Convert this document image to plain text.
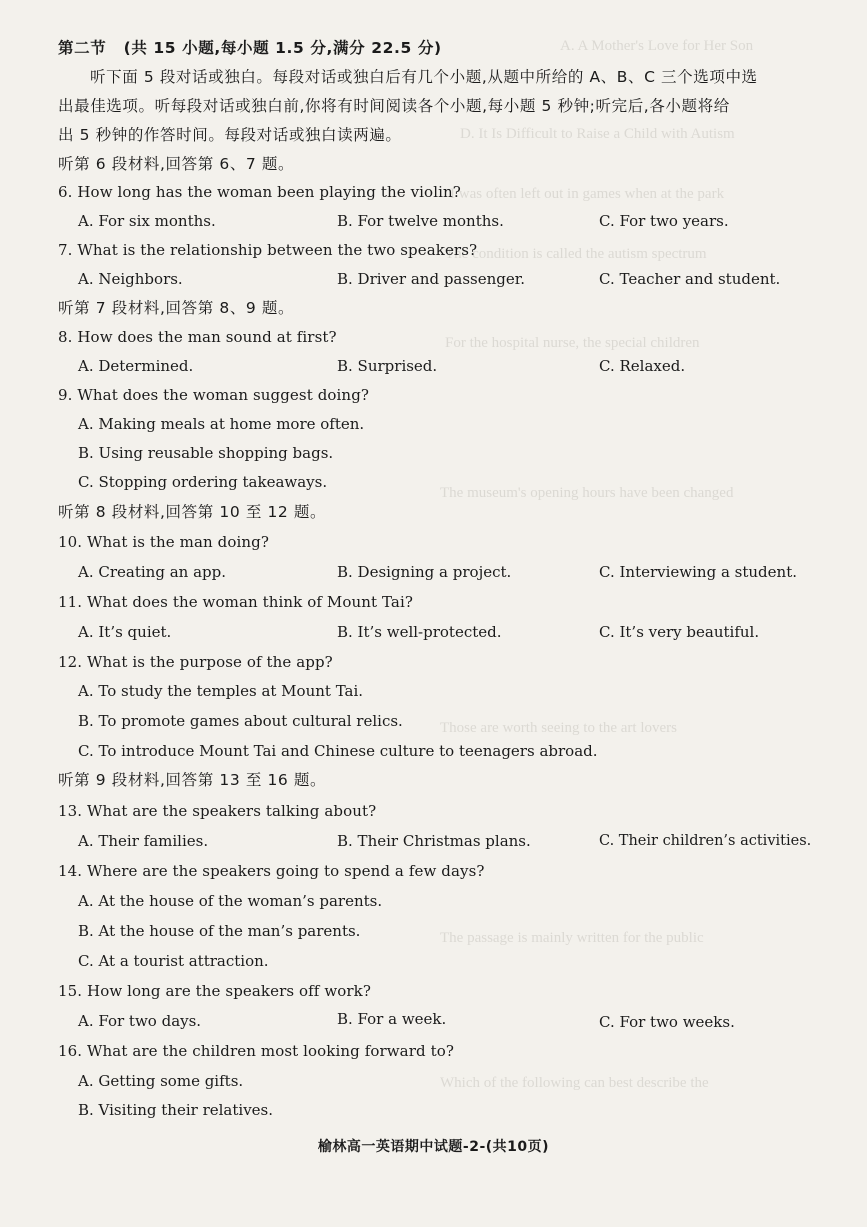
A. A Mother's Love for Her Son
D. It Is Difficult to Raise a Child with Autism
I was often left out in games when at the park
The condition is called the autism spectrum
For the hospital nurse, the special children
The museum's opening hours have been changed
Those are worth seeing to the art lovers
The passage is mainly written for the public
Which of the following can best describe the
第二节 (共 15 小题,每小题 1.5 分,满分 22.5 分)
听下面 5 段对话或独白。每段对话或独白后有几个小题,从题中所给的 A、B、C 三个选项中选
出最佳选项。听每段对话或独白前,你将有时间阅读各个小题,每小题 5 秒钟;听完后,各小题将给
出 5 秒钟的作答时间。每段对话或独白读两遍。
听第 6 段材料,回答第 6、7 题。
6. How long has the woman been playing the violin?
A. For six months.	B. For twelve months.	C. For two years.
7. What is the relationship between the two speakers?
A. Neighbors.	B. Driver and passenger.	C. Teacher and student.
听第 7 段材料,回答第 8、9 题。
8. How does the man sound at first?
A. Determined.	B. Surprised.	C. Relaxed.
9. What does the woman suggest doing?
A. Making meals at home more often.
B. Using reusable shopping bags.
C. Stopping ordering takeaways.
听第 8 段材料,回答第 10 至 12 题。
10. What is the man doing?
A. Creating an app.	B. Designing a project.	C. Interviewing a student.
11. What does the woman think of Mount Tai?
A. It’s quiet.	B. It’s well-protected.	C. It’s very beautiful.
12. What is the purpose of the app?
A. To study the temples at Mount Tai.
B. To promote games about cultural relics.
C. To introduce Mount Tai and Chinese culture to teenagers abroad.
听第 9 段材料,回答第 13 至 16 题。
13. What are the speakers talking about?
A. Their families.	B. Their Christmas plans.	C. Their children’s activities.
14. Where are the speakers going to spend a few days?
A. At the house of the woman’s parents.
B. At the house of the man’s parents.
C. At a tourist attraction.
15. How long are the speakers off work?
A. For two days.	B. For a week.	C. For two weeks.
16. What are the children most looking forward to?
A. Getting some gifts.
B. Visiting their relatives.
榆林高一英语期中试题-2-(共10页)
